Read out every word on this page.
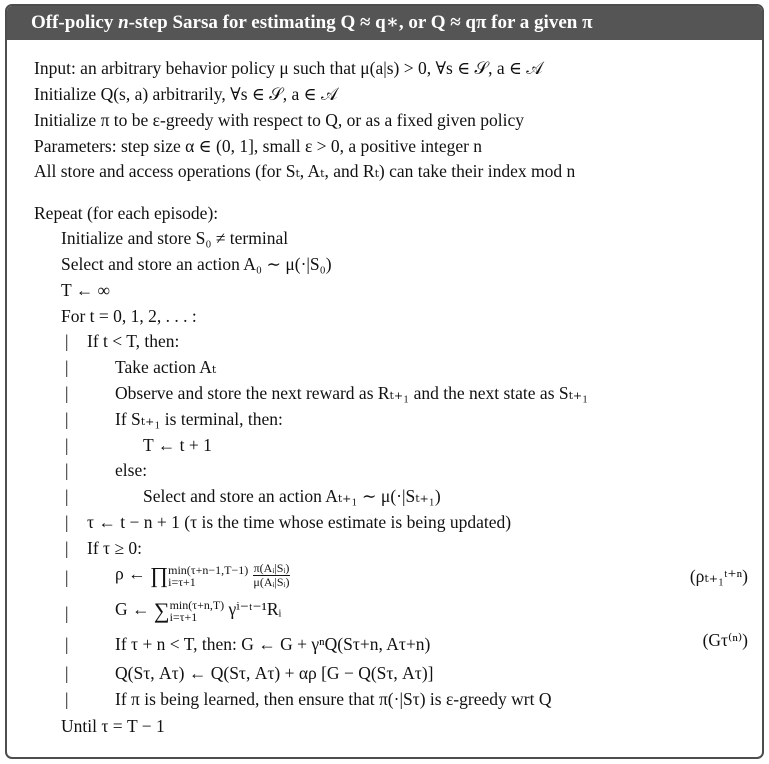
Off-policy n-step Sarsa for estimating Q ≈ q∗, or Q ≈ qπ for a given π
Input: an arbitrary behavior policy μ such that μ(a|s) > 0, ∀s ∈ 𝒮, a ∈ 𝒜
Initialize Q(s, a) arbitrarily, ∀s ∈ 𝒮, a ∈ 𝒜
Initialize π to be ε-greedy with respect to Q, or as a fixed given policy
Parameters: step size α ∈ (0, 1], small ε > 0, a positive integer n
All store and access operations (for Sₜ, Aₜ, and Rₜ) can take their index mod n
Repeat (for each episode):
Initialize and store S₀ ≠ terminal
Select and store an action A₀ ∼ μ(·|S₀)
T ← ∞
For t = 0, 1, 2, . . . :
If t < T, then:
Take action Aₜ
Observe and store the next reward as Rₜ₊₁ and the next state as Sₜ₊₁
If Sₜ₊₁ is terminal, then:
T ← t + 1
else:
Select and store an action Aₜ₊₁ ∼ μ(·|Sₜ₊₁)
τ ← t − n + 1 (τ is the time whose estimate is being updated)
If τ ≥ 0:
ρ ← ∏ min(τ+n−1,T−1)
i=τ+1
	$\frac{\text{π(Aᵢ|Sᵢ)}}{\text{μ(Aᵢ|Sᵢ)}}$	(ρₜ₊₁ᵗ⁺ⁿ)
G ← ∑ min(τ+n,T)
i=τ+1	γⁱ⁻ᵗ⁻¹Rᵢ
If τ + n < T, then: G ← G + γⁿQ(Sτ+n, Aτ+n)	(Gτ⁽ⁿ⁾)
Q(Sτ, Aτ) ← Q(Sτ, Aτ) + αρ [G − Q(Sτ, Aτ)]
If π is being learned, then ensure that π(·|Sτ) is ε-greedy wrt Q
Until τ = T − 1
|
|
|
|
|
|
|
|
|
|
|
|
|
|
